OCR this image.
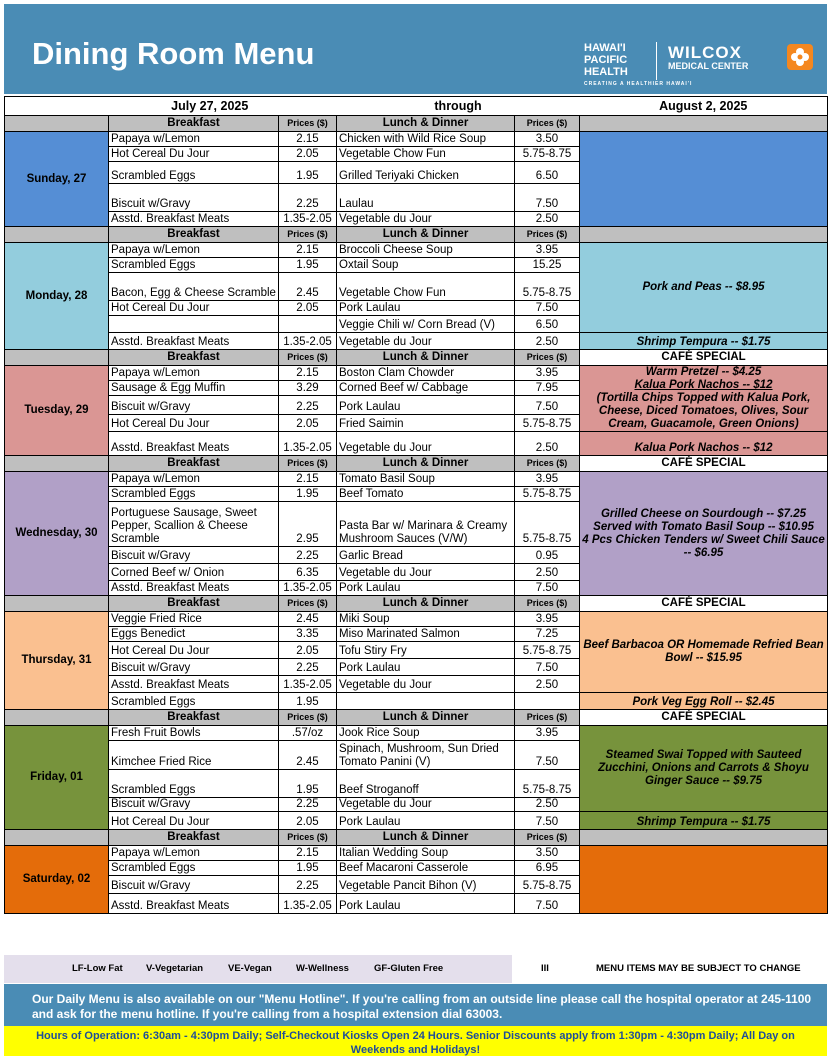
Dining Room Menu	HAWAI'I
PACIFIC
HEALTH
WILCOX
MEDICAL CENTER
CREATING A HEALTHIER HAWAI'I
July 27, 2025			through		August 2, 2025
	Breakfast	Prices ($)	Lunch & Dinner	Prices ($)	
Sunday, 27	Papaya w/Lemon	2.15	Chicken with Wild Rice Soup	3.50	
	Hot Cereal Du Jour	2.05	Vegetable Chow Fun	5.75-8.75	
	Scrambled Eggs	1.95	Grilled Teriyaki Chicken	6.50	
	Biscuit w/Gravy	2.25	Laulau	7.50	
	Asstd. Breakfast Meats	1.35-2.05	Vegetable du Jour	2.50	
	Breakfast	Prices ($)	Lunch & Dinner	Prices ($)	
Monday, 28	Papaya w/Lemon	2.15	Broccoli Cheese Soup	3.95	Pork and Peas -- $8.95
	Scrambled Eggs	1.95	Oxtail Soup	15.25	
	Bacon, Egg & Cheese Scramble	2.45	Vegetable Chow Fun	5.75-8.75	
	Hot Cereal Du Jour	2.05	Pork Laulau	7.50	
			Veggie Chili w/ Corn Bread (V)	6.50	
	Asstd. Breakfast Meats	1.35-2.05	Vegetable du Jour	2.50	Shrimp Tempura -- $1.75
	Breakfast	Prices ($)	Lunch & Dinner	Prices ($)	CAFÉ SPECIAL
Tuesday, 29	Papaya w/Lemon	2.15	Boston Clam Chowder	3.95	Warm Pretzel -- $4.25
Kalua Pork Nachos -- $12
(Tortilla Chips Topped with Kalua Pork, Cheese, Diced Tomatoes, Olives, Sour Cream, Guacamole, Green Onions)

	Sausage & Egg Muffin	3.29	Corned Beef w/ Cabbage	7.95	
	Biscuit w/Gravy	2.25	Pork Laulau	7.50	
	Hot Cereal Du Jour	2.05	Fried Saimin	5.75-8.75	
	Asstd. Breakfast Meats	1.35-2.05	Vegetable du Jour	2.50	Kalua Pork Nachos -- $12
	Breakfast	Prices ($)	Lunch & Dinner	Prices ($)	CAFÉ SPECIAL
Wednesday, 30	Papaya w/Lemon	2.15	Tomato Basil Soup	3.95	Grilled Cheese on Sourdough -- $7.25
Served with Tomato Basil Soup -- $10.95
4 Pcs Chicken Tenders w/ Sweet Chili Sauce -- $6.95

	Scrambled Eggs	1.95	Beef Tomato	5.75-8.75	
	Portuguese Sausage, Sweet Pepper, Scallion & Cheese Scramble	2.95	Pasta Bar w/ Marinara & Creamy Mushroom Sauces (V/W)	5.75-8.75	
	Biscuit w/Gravy	2.25	Garlic Bread	0.95	
	Corned Beef w/ Onion	6.35	Vegetable du Jour	2.50	
	Asstd. Breakfast Meats	1.35-2.05	Pork Laulau	7.50	
	Breakfast	Prices ($)	Lunch & Dinner	Prices ($)	CAFÉ SPECIAL
Thursday, 31	Veggie Fried Rice	2.45	Miki Soup	3.95	Beef Barbacoa OR Homemade Refried Bean Bowl -- $15.95
	Eggs Benedict	3.35	Miso Marinated Salmon	7.25	
	Hot Cereal Du Jour	2.05	Tofu Stiry Fry	5.75-8.75	
	Biscuit w/Gravy	2.25	Pork Laulau	7.50	
	Asstd. Breakfast Meats	1.35-2.05	Vegetable du Jour	2.50	
	Scrambled Eggs	1.95			Pork Veg Egg Roll -- $2.45
	Breakfast	Prices ($)	Lunch & Dinner	Prices ($)	CAFÉ SPECIAL
Friday, 01	Fresh Fruit Bowls	.57/oz	Jook Rice Soup	3.95	Steamed Swai Topped with Sauteed Zucchini, Onions and Carrots & Shoyu Ginger Sauce -- $9.75
	Kimchee Fried Rice	2.45	Spinach, Mushroom, Sun Dried Tomato Panini (V)	7.50	
	Scrambled Eggs	1.95	Beef Stroganoff	5.75-8.75	
	Biscuit w/Gravy	2.25	Vegetable du Jour	2.50	
	Hot Cereal Du Jour	2.05	Pork Laulau	7.50	Shrimp Tempura -- $1.75
	Breakfast	Prices ($)	Lunch & Dinner	Prices ($)	
Saturday, 02	Papaya w/Lemon	2.15	Italian Wedding Soup	3.50	
	Scrambled Eggs	1.95	Beef Macaroni Casserole	6.95	
	Biscuit w/Gravy	2.25	Vegetable Pancit Bihon (V)	5.75-8.75	
	Asstd. Breakfast Meats	1.35-2.05	Pork Laulau	7.50	
LF-Low Fat V-Vegetarian	VE-Vegan	W-Wellness	GF-Gluten Free	III	MENU ITEMS MAY BE SUBJECT TO CHANGE
Our Daily Menu is also available on our "Menu Hotline". If you're calling from an outside line please call the hospital operator at 245-1100 and ask for the menu hotline. If you're calling from a hospital extension dial 63003.
Hours of Operation: 6:30am - 4:30pm Daily; Self-Checkout Kiosks Open 24 Hours. Senior Discounts apply from 1:30pm - 4:30pm Daily; All Day on Weekends and Holidays!
